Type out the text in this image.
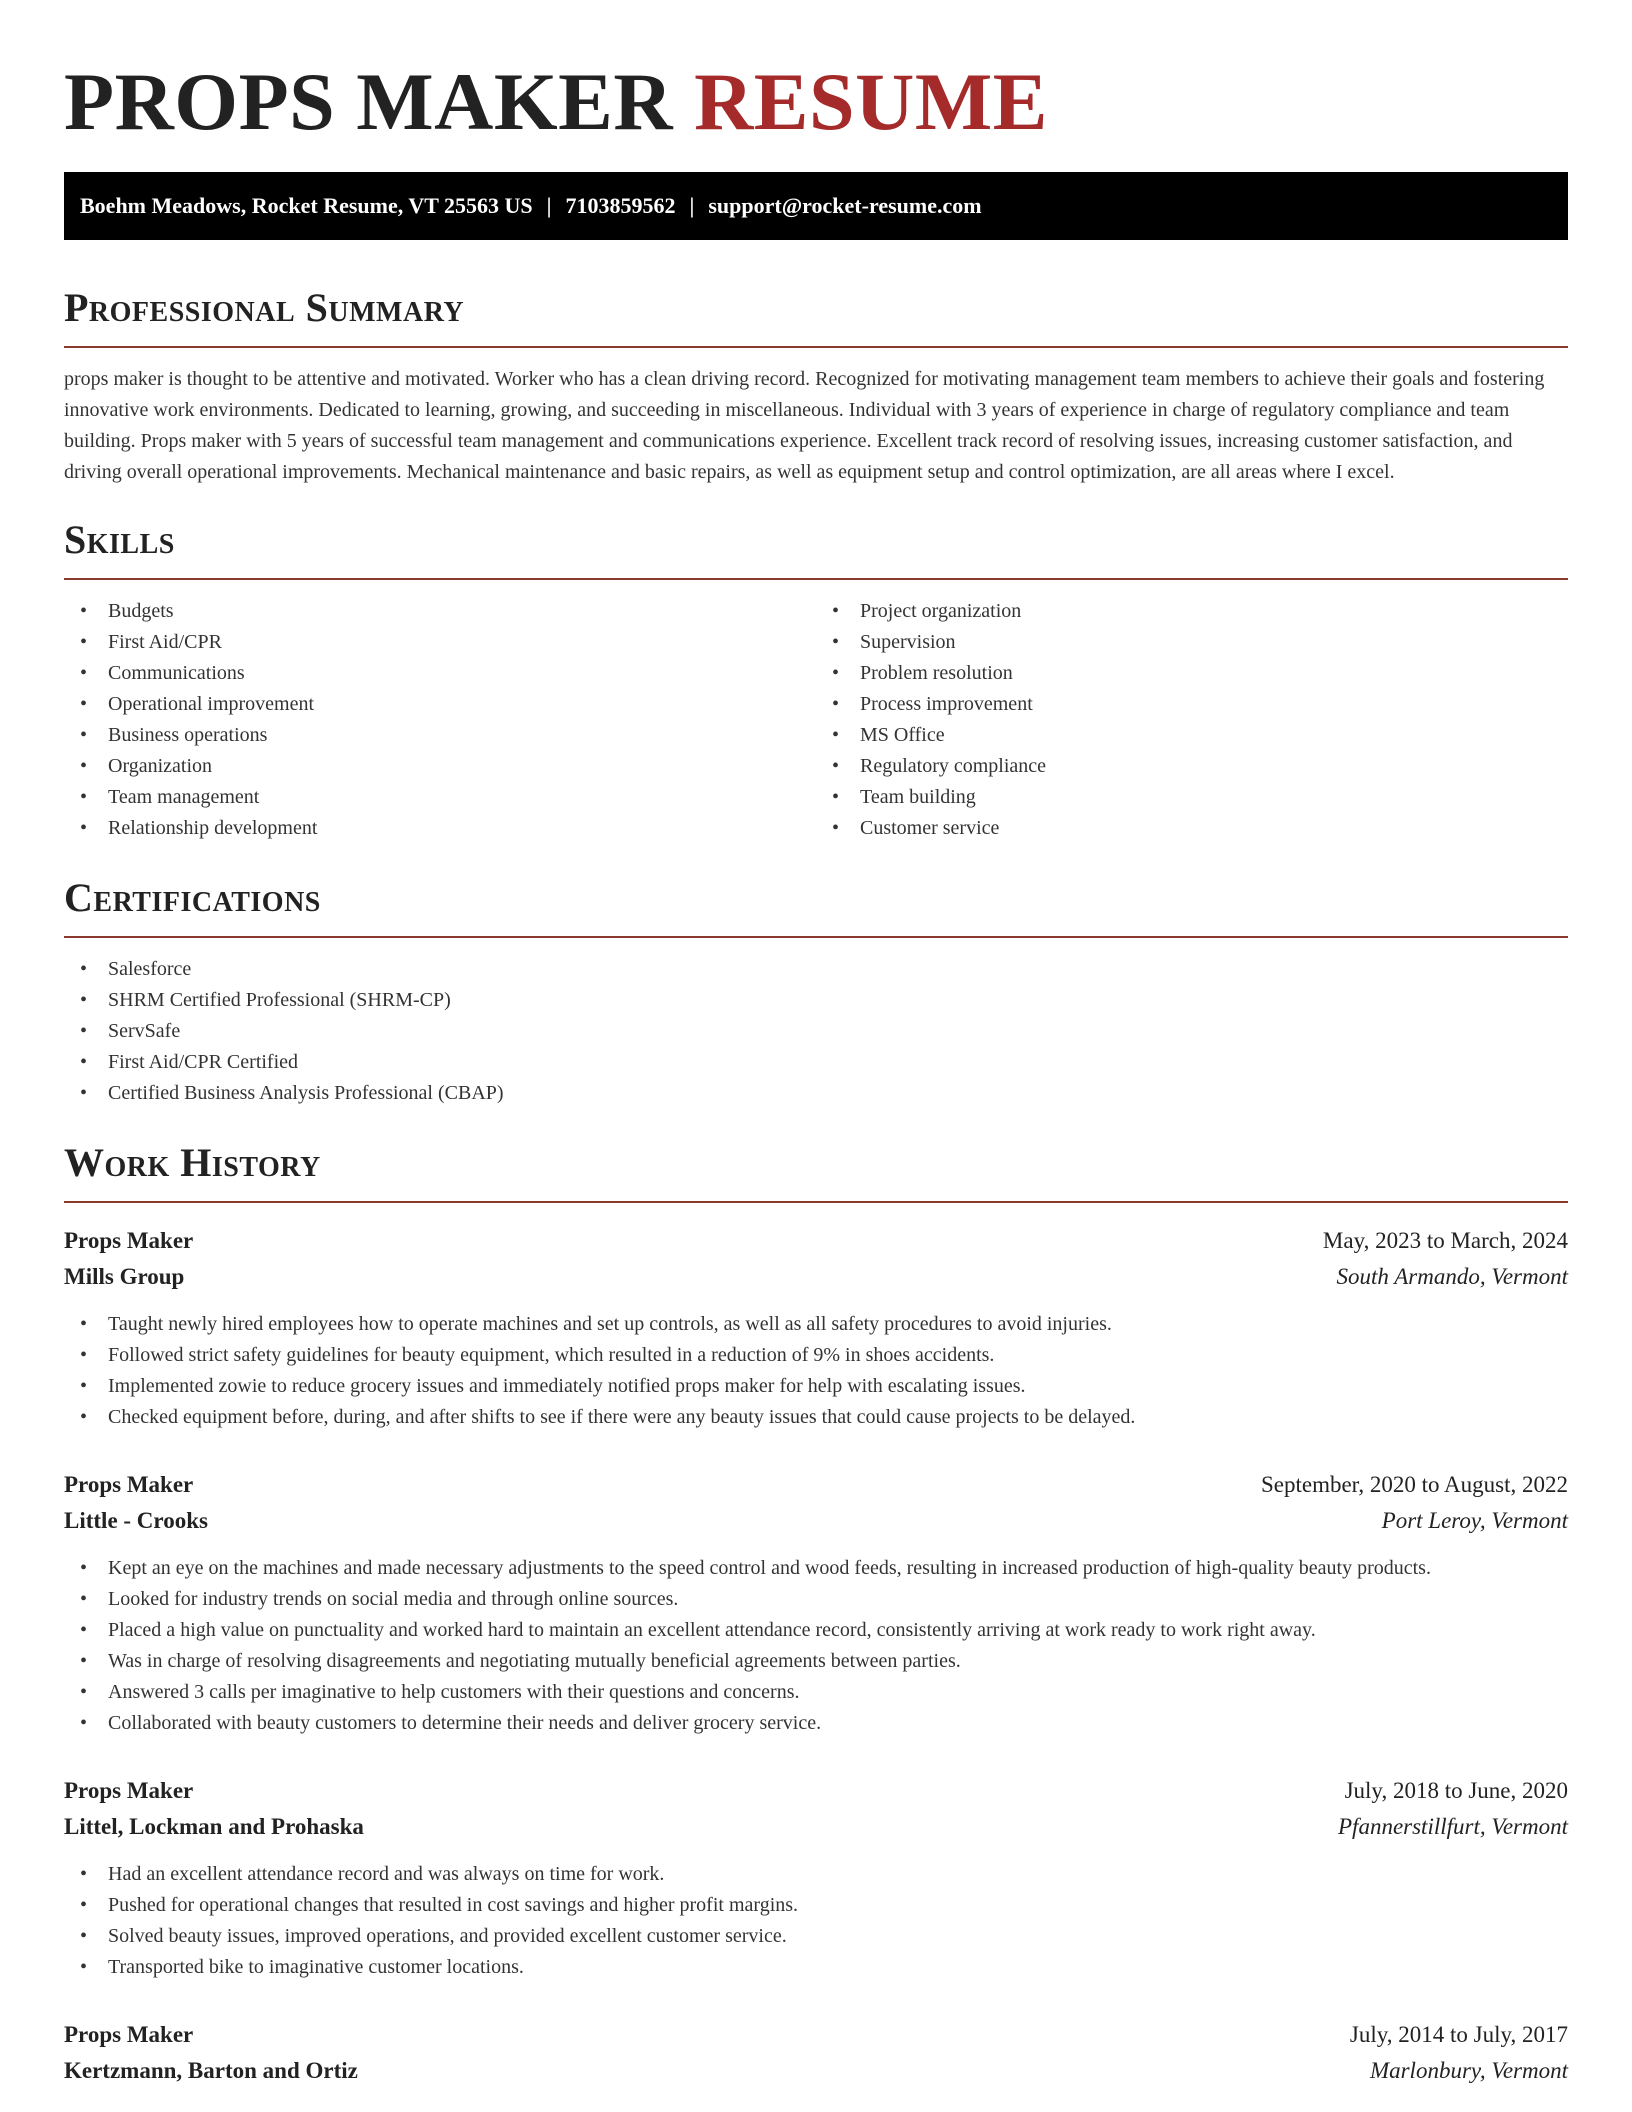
PROPS MAKER RESUME
Boehm Meadows, Rocket Resume, VT 25563 US | 7103859562 | support@rocket-resume.com
Professional Summary

props maker is thought to be attentive and motivated. Worker who has a clean driving record. Recognized for motivating management team members to achieve their goals and fostering innovative work environments. Dedicated to learning, growing, and succeeding in miscellaneous. Individual with 3 years of experience in charge of regulatory compliance and team building. Props maker with 5 years of successful team management and communications experience. Excellent track record of resolving issues, increasing customer satisfaction, and driving overall operational improvements. Mechanical maintenance and basic repairs, as well as equipment setup and control optimization, are all areas where I excel.

Skills
• Budgets
• First Aid/CPR
• Communications
• Operational improvement
• Business operations
• Organization
• Team management
• Relationship development
• Project organization
• Supervision
• Problem resolution
• Process improvement
• MS Office
• Regulatory compliance
• Team building
• Customer service
Certifications
• Salesforce
• SHRM Certified Professional (SHRM-CP)
• ServSafe
• First Aid/CPR Certified
• Certified Business Analysis Professional (CBAP)
Work History
Props Maker	May, 2023 to March, 2024
Mills Group	South Armando, Vermont
• Taught newly hired employees how to operate machines and set up controls, as well as all safety procedures to avoid injuries.
• Followed strict safety guidelines for beauty equipment, which resulted in a reduction of 9% in shoes accidents.
• Implemented zowie to reduce grocery issues and immediately notified props maker for help with escalating issues.
• Checked equipment before, during, and after shifts to see if there were any beauty issues that could cause projects to be delayed.
Props Maker	September, 2020 to August, 2022
Little - Crooks	Port Leroy, Vermont
• Kept an eye on the machines and made necessary adjustments to the speed control and wood feeds, resulting in increased production of high-quality beauty products.
• Looked for industry trends on social media and through online sources.
• Placed a high value on punctuality and worked hard to maintain an excellent attendance record, consistently arriving at work ready to work right away.
• Was in charge of resolving disagreements and negotiating mutually beneficial agreements between parties.
• Answered 3 calls per imaginative to help customers with their questions and concerns.
• Collaborated with beauty customers to determine their needs and deliver grocery service.
Props Maker	July, 2018 to June, 2020
Littel, Lockman and Prohaska	Pfannerstillfurt, Vermont
• Had an excellent attendance record and was always on time for work.
• Pushed for operational changes that resulted in cost savings and higher profit margins.
• Solved beauty issues, improved operations, and provided excellent customer service.
• Transported bike to imaginative customer locations.
Props Maker	July, 2014 to July, 2017
Kertzmann, Barton and Ortiz	Marlonbury, Vermont
